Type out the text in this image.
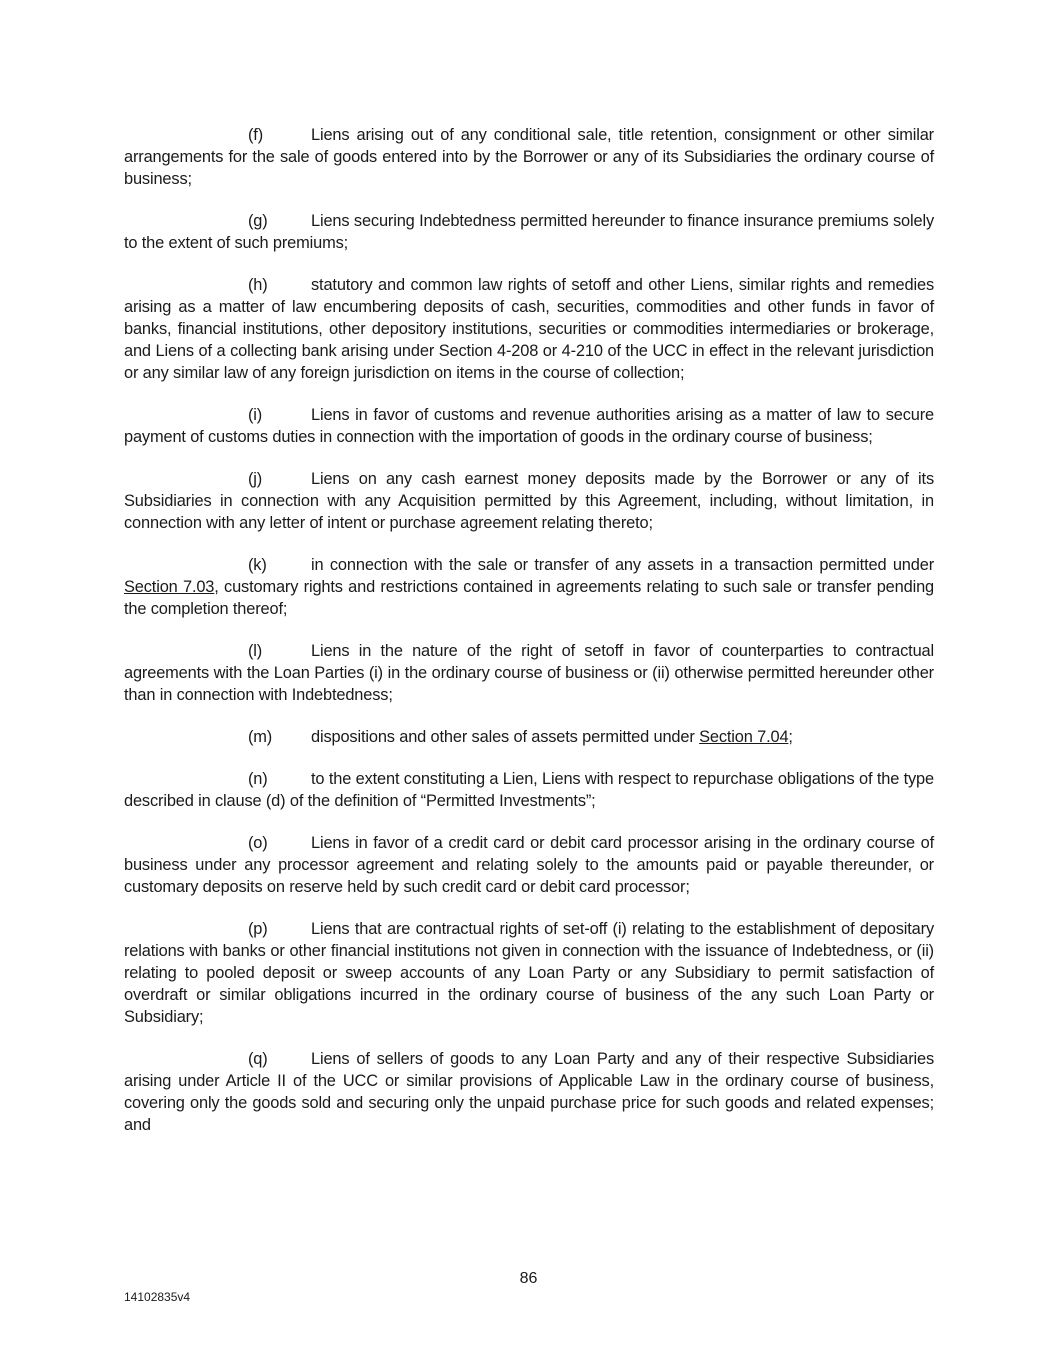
(f)	Liens arising out of any conditional sale, title retention, consignment or other similar arrangements for the sale of goods entered into by the Borrower or any of its Subsidiaries the ordinary course of business;

(g)	Liens securing Indebtedness permitted hereunder to finance insurance premiums solely to the extent of such premiums;

(h)	statutory and common law rights of setoff and other Liens, similar rights and remedies arising as a matter of law encumbering deposits of cash, securities, commodities and other funds in favor of banks, financial institutions, other depository institutions, securities or commodities intermediaries or brokerage, and Liens of a collecting bank arising under Section 4-208 or 4-210 of the UCC in effect in the relevant jurisdiction or any similar law of any foreign jurisdiction on items in the course of collection;

(i)	Liens in favor of customs and revenue authorities arising as a matter of law to secure payment of customs duties in connection with the importation of goods in the ordinary course of business;

(j)	Liens on any cash earnest money deposits made by the Borrower or any of its Subsidiaries in connection with any Acquisition permitted by this Agreement, including, without limitation, in connection with any letter of intent or purchase agreement relating thereto;

(k)	in connection with the sale or transfer of any assets in a transaction permitted under Section 7.03, customary rights and restrictions contained in agreements relating to such sale or transfer pending the completion thereof;

(l)	Liens in the nature of the right of setoff in favor of counterparties to contractual agreements with the Loan Parties (i) in the ordinary course of business or (ii) otherwise permitted hereunder other than in connection with Indebtedness;

(m) dispositions and other sales of assets permitted under Section 7.04;

(n)	to the extent constituting a Lien, Liens with respect to repurchase obligations of the type described in clause (d) of the definition of “Permitted Investments”;

(o)	Liens in favor of a credit card or debit card processor arising in the ordinary course of business under any processor agreement and relating solely to the amounts paid or payable thereunder, or customary deposits on reserve held by such credit card or debit card processor;

(p)	Liens that are contractual rights of set-off (i) relating to the establishment of depositary relations with banks or other financial institutions not given in connection with the issuance of Indebtedness, or (ii) relating to pooled deposit or sweep accounts of any Loan Party or any Subsidiary to permit satisfaction of overdraft or similar obligations incurred in the ordinary course of business of the any such Loan Party or Subsidiary;

(q)	Liens of sellers of goods to any Loan Party and any of their respective Subsidiaries arising under Article II of the UCC or similar provisions of Applicable Law in the ordinary course of business, covering only the goods sold and securing only the unpaid purchase price for such goods and related expenses; and

86
14102835v4
